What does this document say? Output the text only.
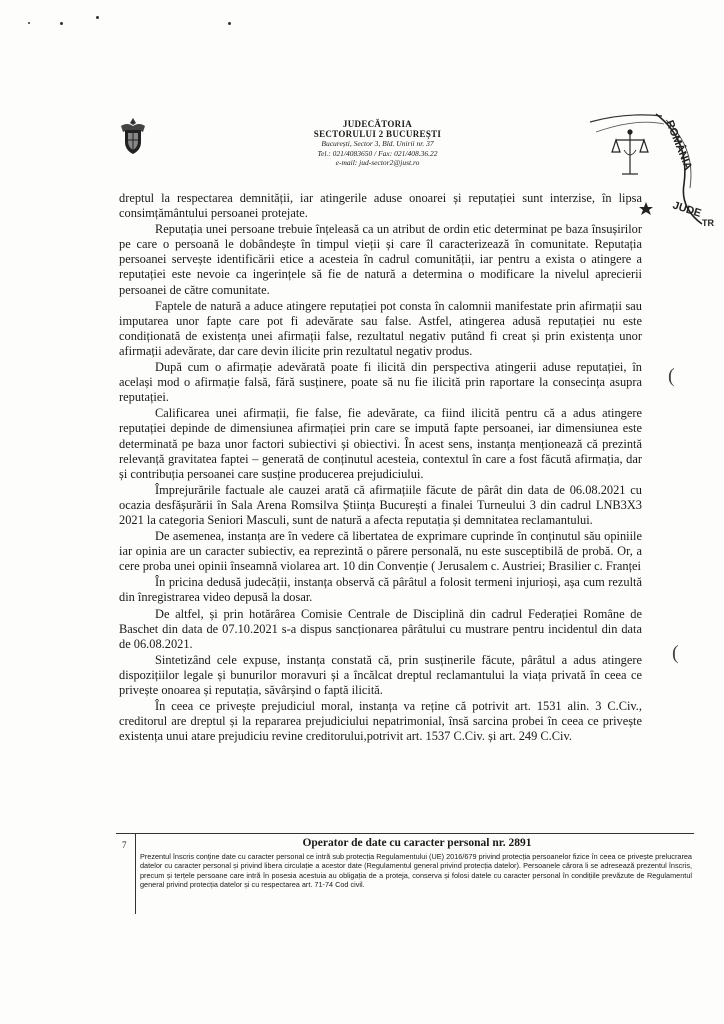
JUDECĂTORIA
SECTORULUI 2 BUCUREȘTI
București, Sector 3, Bld. Unirii nr. 37
Tel.: 021/4083650 / Fax: 021/408.36.22
e-mail: jud-sector2@just.ro	ROMÂNIA
JUDE
TR
(
(

dreptul la respectarea demnității, iar atingerile aduse onoarei și reputației sunt interzise, în lipsa consimțământului persoanei protejate.

Reputația unei persoane trebuie înțeleasă ca un atribut de ordin etic determinat pe baza însușirilor pe care o persoană le dobândește în timpul vieții și care îl caracterizează în comunitate. Reputația persoanei servește identificării etice a acesteia în cadrul comunității, iar pentru a exista o atingere a reputației este nevoie ca ingerințele să fie de natură a determina o modificare la nivelul aprecierii persoanei de către comunitate.

Faptele de natură a aduce atingere reputației pot consta în calomnii manifestate prin afirmații sau imputarea unor fapte care pot fi adevărate sau false. Astfel, atingerea adusă reputației nu este condiționată de existența unei afirmații false, rezultatul negativ putând fi creat și prin existența unor afirmații adevărate, dar care devin ilicite prin rezultatul negativ produs.

După cum o afirmație adevărată poate fi ilicită din perspectiva atingerii aduse reputației, în același mod o afirmație falsă, fără susținere, poate să nu fie ilicită prin raportare la consecința asupra reputației.

Calificarea unei afirmații, fie false, fie adevărate, ca fiind ilicită pentru că a adus atingere reputației depinde de dimensiunea afirmației prin care se impută fapte persoanei, iar dimensiunea este determinată pe baza unor factori subiectivi și obiectivi. În acest sens, instanța menționează că prezintă relevanță gravitatea faptei – generată de conținutul acesteia, contextul în care a fost făcută afirmația, dar și contribuția persoanei care susține producerea prejudiciului.

Împrejurările factuale ale cauzei arată că afirmațiile făcute de pârât din data de 06.08.2021 cu ocazia desfășurării în Sala Arena Romsilva Știința București a finalei Turneului 3 din cadrul LNB3X3 2021 la categoria Seniori Masculi, sunt de natură a afecta reputația și demnitatea reclamantului.

De asemenea, instanța are în vedere că libertatea de exprimare cuprinde în conținutul său opiniile iar opinia are un caracter subiectiv, ea reprezintă o părere personală, nu este susceptibilă de probă. Or, a cere proba unei opinii înseamnă violarea art. 10 din Convenție ( Jerusalem c. Austriei; Brasilier c. Franței

În pricina dedusă judecății, instanța observă că pârâtul a folosit termeni injurioși, așa cum rezultă din înregistrarea video depusă la dosar.

De altfel, și prin hotărârea Comisie Centrale de Disciplină din cadrul Federației Române de Baschet din data de 07.10.2021 s-a dispus sancționarea pârâtului cu mustrare pentru incidentul din data de 06.08.2021.

Sintetizând cele expuse, instanța constată că, prin susținerile făcute, pârâtul a adus atingere dispozițiilor legale și bunurilor moravuri și a încălcat dreptul reclamantului la viața privată în ceea ce privește onoarea și reputația, săvârșind o faptă ilicită.

În ceea ce privește prejudiciul moral, instanța va reține că potrivit art. 1531 alin. 3 C.Civ., creditorul are dreptul și la repararea prejudiciului nepatrimonial, însă sarcina probei în ceea ce privește existența unui atare prejudiciu revine creditorului,potrivit art. 1537 C.Civ. și art. 249 C.Civ.

7	Operator de date cu caracter personal nr. 2891
Prezentul înscris conține date cu caracter personal ce intră sub protecția Regulamentului (UE) 2016/679 privind protecția persoanelor fizice în ceea ce privește prelucrarea datelor cu caracter personal și privind libera circulație a acestor date (Regulamentul general privind protecția datelor). Persoanele cărora li se adresează prezentul înscris, precum și terțele persoane care intră în posesia acestuia au obligația de a proteja, conserva și folosi datele cu caracter personal în condițiile prevăzute de Regulamentul general privind protecția datelor și cu respectarea art. 71-74 Cod civil.
